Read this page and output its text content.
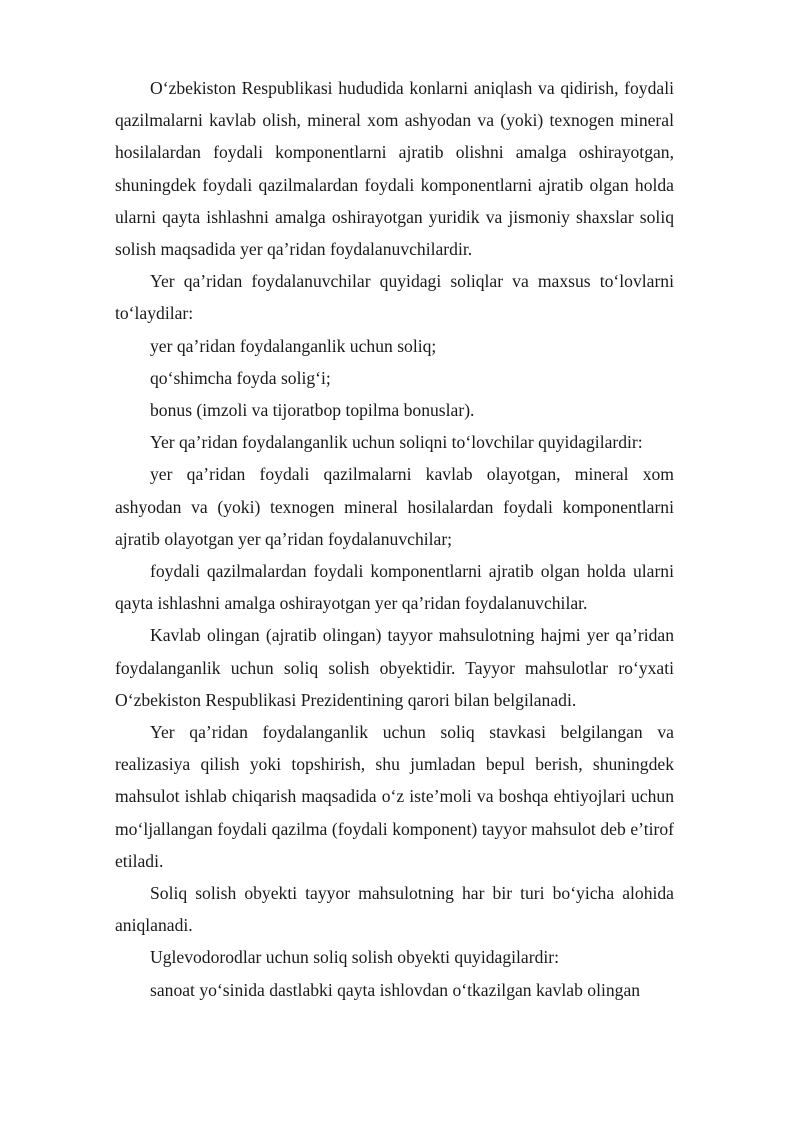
O‘zbekiston Respublikasi hududida konlarni aniqlash va qidirish, foydali qazilmalarni kavlab olish, mineral xom ashyodan va (yoki) texnogen mineral hosilalardan foydali komponentlarni ajratib olishni amalga oshirayotgan, shuningdek foydali qazilmalardan foydali komponentlarni ajratib olgan holda ularni qayta ishlashni amalga oshirayotgan yuridik va jismoniy shaxslar soliq solish maqsadida yer qa’ridan foydalanuvchilardir.

Yer qa’ridan foydalanuvchilar quyidagi soliqlar va maxsus to‘lovlarni to‘laydilar:

yer qa’ridan foydalanganlik uchun soliq;

qo‘shimcha foyda solig‘i;

bonus (imzoli va tijoratbop topilma bonuslar).

Yer qa’ridan foydalanganlik uchun soliqni to‘lovchilar quyidagilardir:

yer qa’ridan foydali qazilmalarni kavlab olayotgan, mineral xom ashyodan va (yoki) texnogen mineral hosilalardan foydali komponentlarni ajratib olayotgan yer qa’ridan foydalanuvchilar;

foydali qazilmalardan foydali komponentlarni ajratib olgan holda ularni qayta ishlashni amalga oshirayotgan yer qa’ridan foydalanuvchilar.

Kavlab olingan (ajratib olingan) tayyor mahsulotning hajmi yer qa’ridan foydalanganlik uchun soliq solish obyektidir. Tayyor mahsulotlar ro‘yxati O‘zbekiston Respublikasi Prezidentining qarori bilan belgilanadi.

Yer qa’ridan foydalanganlik uchun soliq stavkasi belgilangan va realizasiya qilish yoki topshirish, shu jumladan bepul berish, shuningdek mahsulot ishlab chiqarish maqsadida o‘z iste’moli va boshqa ehtiyojlari uchun mo‘ljallangan foydali qazilma (foydali komponent) tayyor mahsulot deb e’tirof etiladi.

Soliq solish obyekti tayyor mahsulotning har bir turi bo‘yicha alohida aniqlanadi.

Uglevodorodlar uchun soliq solish obyekti quyidagilardir:

sanoat yo‘sinida dastlabki qayta ishlovdan o‘tkazilgan kavlab olingan
